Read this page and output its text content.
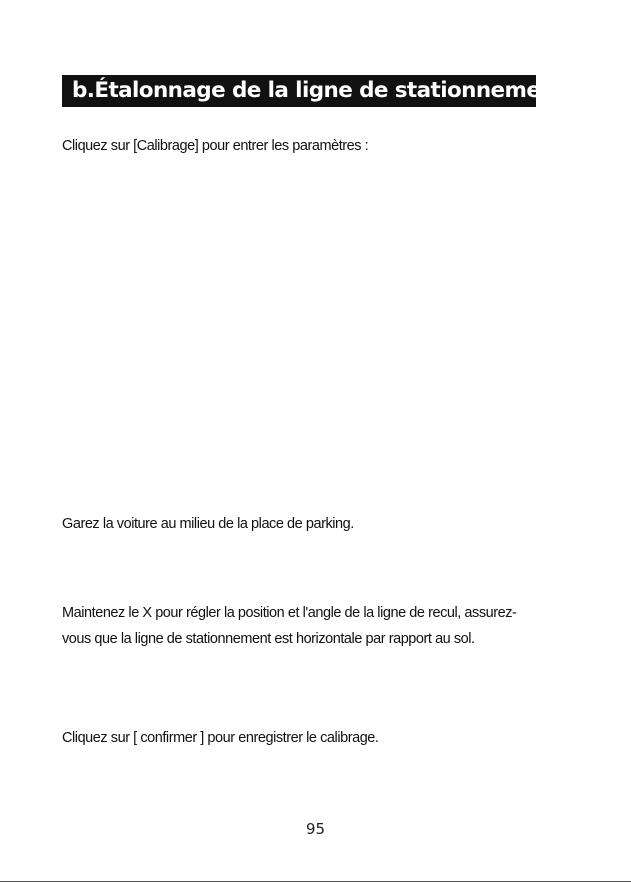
b.Étalonnage de la ligne de stationnement

Cliquez sur [Calibrage] pour entrer les paramètres :

Garez la voiture au milieu de la place de parking.

Maintenez le X pour régler la position et l'angle de la ligne de recul, assurez-
vous que la ligne de stationnement est horizontale par rapport au sol.

Cliquez sur [ confirmer ] pour enregistrer le calibrage.

95
